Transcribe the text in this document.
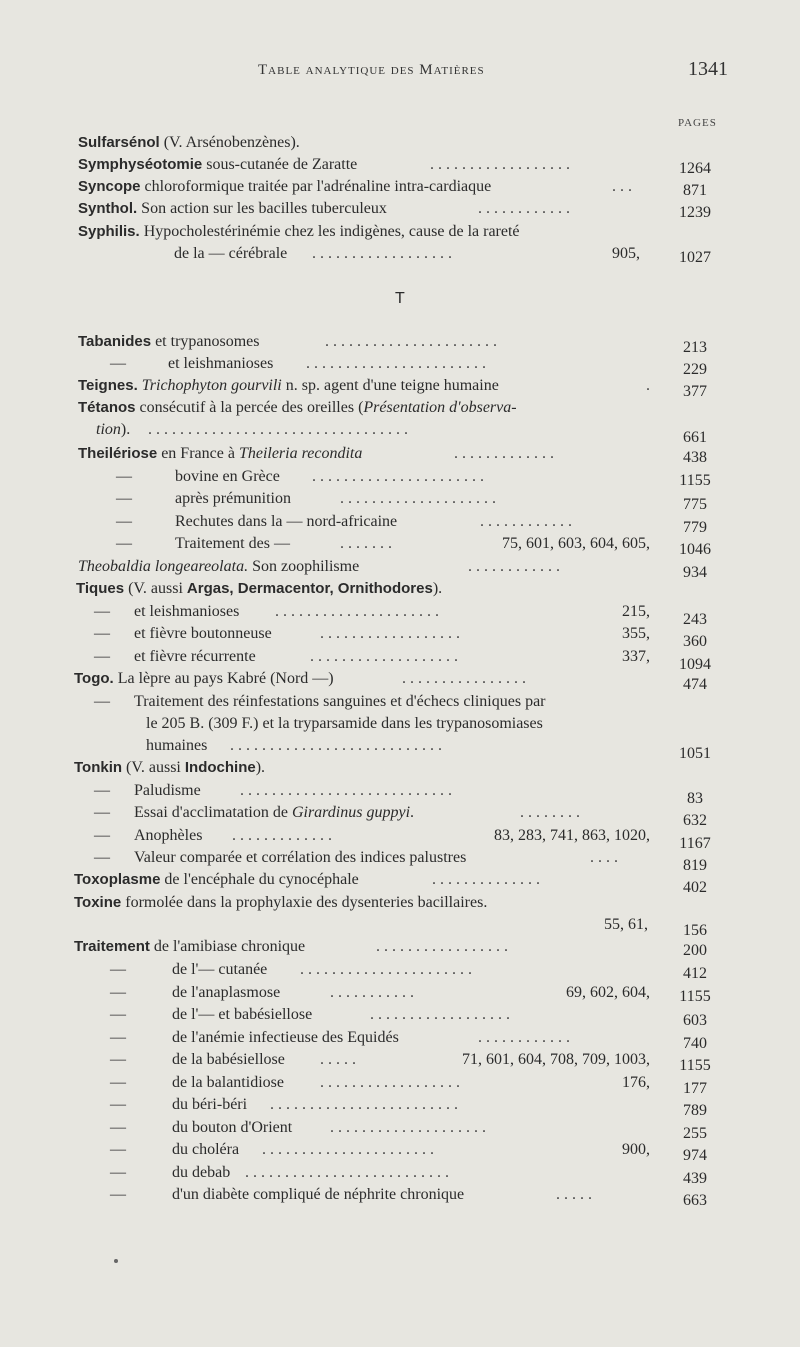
Table analytique des Matières	1341
PAGES
Sulfarsénol (V. Arsénobenzènes).
Symphyséotomie sous-cutanée de Zaratte	. . . . . . . . . . . . . . . . . .	1264
Syncope chloroformique traitée par l'adrénaline intra-cardiaque	. . .	871
Synthol. Son action sur les bacilles tuberculeux	. . . . . . . . . . . .	1239
Syphilis. Hypocholestérinémie chez les indigènes, cause de la rareté
de la — cérébrale . . . . . . . . . . . . . . . . . .	905,	1027
T
Tabanides et trypanosomes	. . . . . . . . . . . . . . . . . . . . . .	213
—	et leishmanioses . . . . . . . . . . . . . . . . . . . . . . .	229
Teignes. Trichophyton gourvili n. sp. agent d'une teigne humaine	.	377
Tétanos consécutif à la percée des oreilles (Présentation d'observa-
tion). . . . . . . . . . . . . . . . . . . . . . . . . . . . . . . . . .	661
Theilériose en France à Theileria recondita	. . . . . . . . . . . . .	438
—	bovine en Grèce . . . . . . . . . . . . . . . . . . . . . .	1155
—	après prémunition	. . . . . . . . . . . . . . . . . . . .	775
—	Rechutes dans la — nord-africaine	. . . . . . . . . . . .	779
—	Traitement des —	. . . . . . .	75, 601, 603, 604, 605,	1046
Theobaldia longeareolata. Son zoophilisme	. . . . . . . . . . . .	934
Tiques (V. aussi Argas, Dermacentor, Ornithodores).
— et leishmanioses . . . . . . . . . . . . . . . . . . . . .	215,	243
— et fièvre boutonneuse	. . . . . . . . . . . . . . . . . .	355,	360
— et fièvre récurrente	. . . . . . . . . . . . . . . . . . .	337,	1094
Togo. La lèpre au pays Kabré (Nord —)	. . . . . . . . . . . . . . . .	474
— Traitement des réinfestations sanguines et d'échecs cliniques par
le 205 B. (309 F.) et la tryparsamide dans les trypanosomiases
humaines . . . . . . . . . . . . . . . . . . . . . . . . . . .	1051
Tonkin (V. aussi Indochine).
— Paludisme . . . . . . . . . . . . . . . . . . . . . . . . . . .	83
— Essai d'acclimatation de Girardinus guppyi.	. . . . . . . .	632
— Anophèles . . . . . . . . . . . . .	83, 283, 741, 863, 1020,	1167
— Valeur comparée et corrélation des indices palustres	. . . .	819
Toxoplasme de l'encéphale du cynocéphale	. . . . . . . . . . . . . .	402
Toxine formolée dans la prophylaxie des dysenteries bacillaires.
55, 61,	156
Traitement de l'amibiase chronique	. . . . . . . . . . . . . . . . .	200
—	de l'— cutanée . . . . . . . . . . . . . . . . . . . . . .	412
—	de l'anaplasmose	. . . . . . . . . . .	69, 602, 604,	1155
—	de l'— et babésiellose	. . . . . . . . . . . . . . . . . .	603
—	de l'anémie infectieuse des Equidés	. . . . . . . . . . . .	740
—	de la babésiellose . . . . .	71, 601, 604, 708, 709, 1003,	1155
—	de la balantidiose . . . . . . . . . . . . . . . . . .	176,	177
—	du béri-béri . . . . . . . . . . . . . . . . . . . . . . . .	789
—	du bouton d'Orient . . . . . . . . . . . . . . . . . . . .	255
—	du choléra . . . . . . . . . . . . . . . . . . . . . .	900,	974
—	du debab . . . . . . . . . . . . . . . . . . . . . . . . . .	439
—	d'un diabète compliqué de néphrite chronique	. . . . .	663
